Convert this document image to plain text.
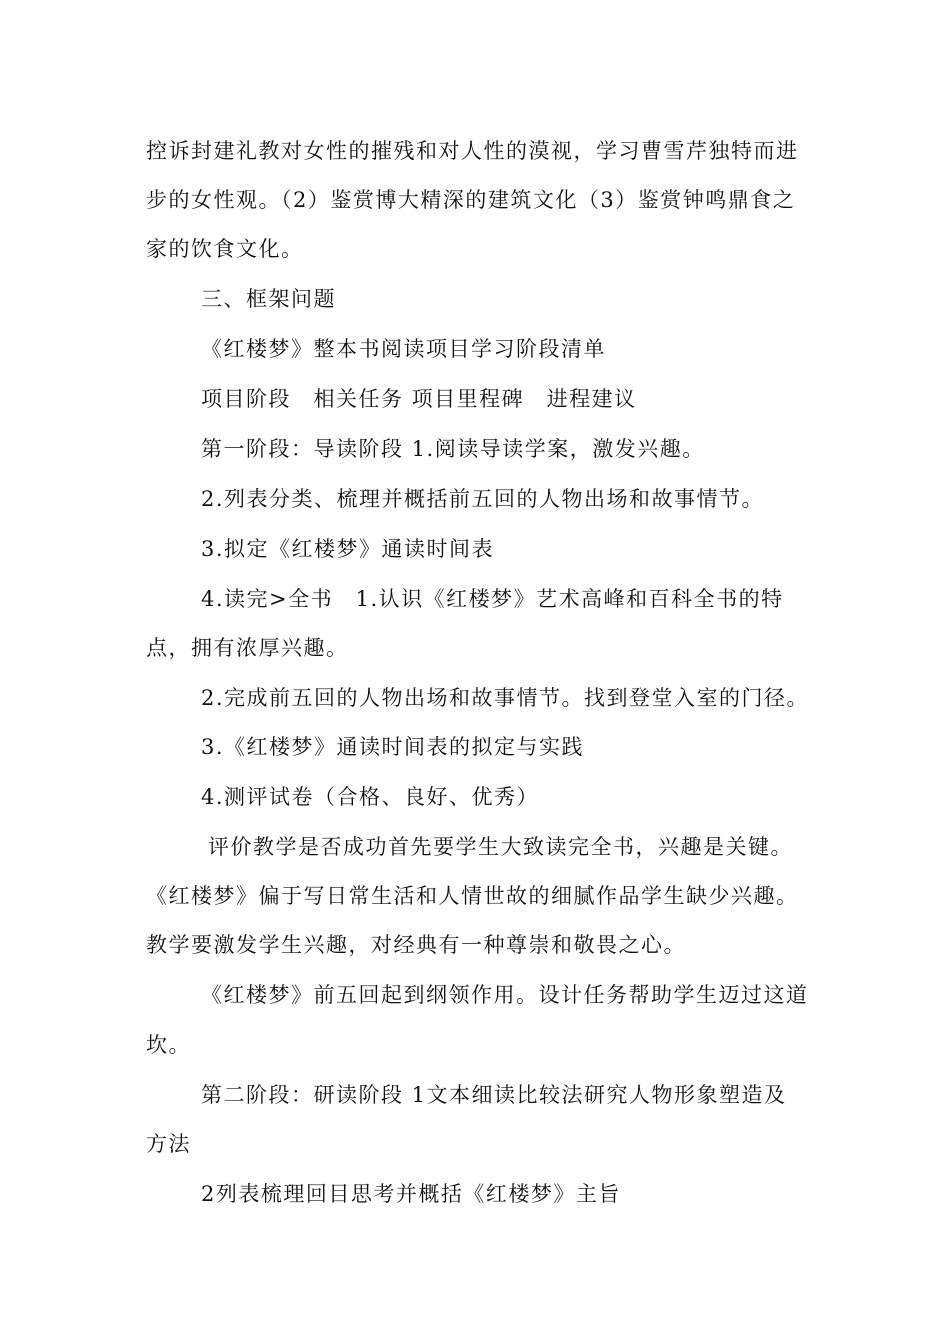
控诉封建礼教对女性的摧残和对人性的漠视，学习曹雪芹独特而进
步的女性观。（2）鉴赏博大精深的建筑文化（3）鉴赏钟鸣鼎食之
家的饮食文化。
三、框架问题
《红楼梦》整本书阅读项目学习阶段清单
项目阶段　相关任务 项目里程碑　进程建议
第一阶段：导读阶段 1.阅读导读学案，激发兴趣。
2.列表分类、梳理并概括前五回的人物出场和故事情节。
3.拟定《红楼梦》通读时间表
4.读完>全书　1.认识《红楼梦》艺术高峰和百科全书的特
点，拥有浓厚兴趣。
2.完成前五回的人物出场和故事情节。找到登堂入室的门径。
3.《红楼梦》通读时间表的拟定与实践
4.测评试卷（合格、良好、优秀）
评价教学是否成功首先要学生大致读完全书，兴趣是关键。
《红楼梦》偏于写日常生活和人情世故的细腻作品学生缺少兴趣。
教学要激发学生兴趣，对经典有一种尊崇和敬畏之心。
《红楼梦》前五回起到纲领作用。设计任务帮助学生迈过这道
坎。
第二阶段：研读阶段 1文本细读比较法研究人物形象塑造及
方法
2列表梳理回目思考并概括《红楼梦》主旨
